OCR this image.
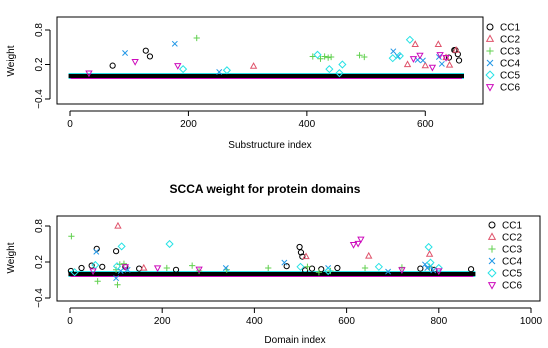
0	200	400	600
−0.4
0.2
0.8	CC1
CC2
CC3
CC4
CC5
CC6
Substructure index
Weight
SCCA weight for protein domains
0	200	400	600	800	1000
−0.4
0.2
0.8	CC1
CC2
CC3
CC4
CC5
CC6
Domain index
Weight
